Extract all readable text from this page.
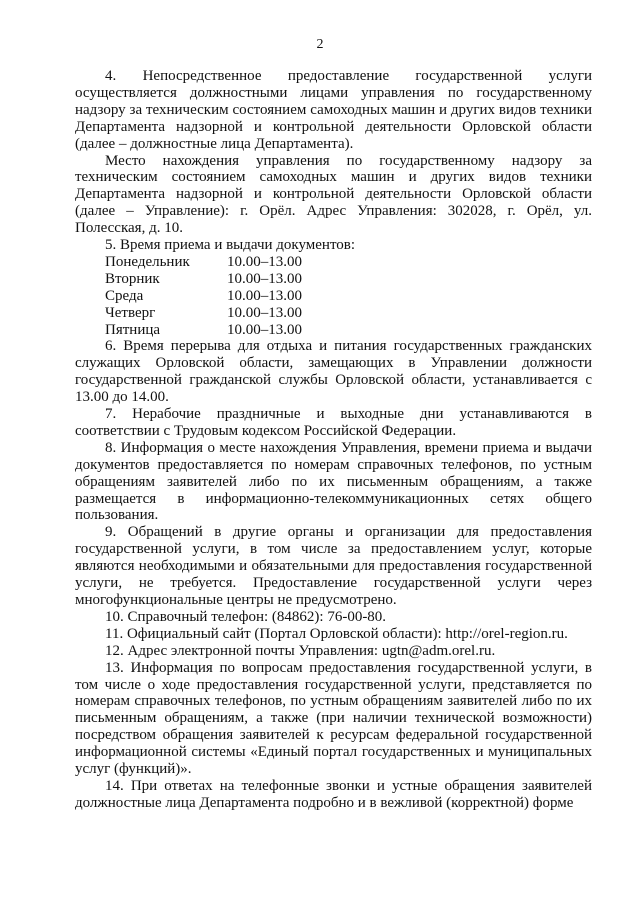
2

4. Непосредственное предоставление государственной услуги осуществляется должностными лицами управления по государственному надзору за техническим состоянием самоходных машин и других видов техники Департамента надзорной и контрольной деятельности Орловской области (далее – должностные лица Департамента).

Место нахождения управления по государственному надзору за техническим состоянием самоходных машин и других видов техники Департамента надзорной и контрольной деятельности Орловской области (далее – Управление): г. Орёл. Адрес Управления: 302028, г. Орёл, ул. Полесская, д. 10.

5. Время приема и выдачи документов:

Понедельник	10.00–13.00
Вторник	10.00–13.00
Среда	10.00–13.00
Четверг	10.00–13.00
Пятница	10.00–13.00

6. Время перерыва для отдыха и питания государственных гражданских служащих Орловской области, замещающих в Управлении должности государственной гражданской службы Орловской области, устанавливается с 13.00 до 14.00.

7. Нерабочие праздничные и выходные дни устанавливаются в соответствии с Трудовым кодексом Российской Федерации.

8. Информация о месте нахождения Управления, времени приема и выдачи документов предоставляется по номерам справочных телефонов, по устным обращениям заявителей либо по их письменным обращениям, а также размещается в информационно-телекоммуникационных сетях общего пользования.

9. Обращений в другие органы и организации для предоставления государственной услуги, в том числе за предоставлением услуг, которые являются необходимыми и обязательными для предоставления государственной услуги, не требуется. Предоставление государственной услуги через многофункциональные центры не предусмотрено.

10. Справочный телефон: (84862): 76-00-80.

11. Официальный сайт (Портал Орловской области): http://orel-region.ru.

12. Адрес электронной почты Управления: ugtn@adm.orel.ru.

13. Информация по вопросам предоставления государственной услуги, в том числе о ходе предоставления государственной услуги, представляется по номерам справочных телефонов, по устным обращениям заявителей либо по их письменным обращениям, а также (при наличии технической возможности) посредством обращения заявителей к ресурсам федеральной государственной информационной системы «Единый портал государственных и муниципальных услуг (функций)».

14. При ответах на телефонные звонки и устные обращения заявителей должностные лица Департамента подробно и в вежливой (корректной) форме
